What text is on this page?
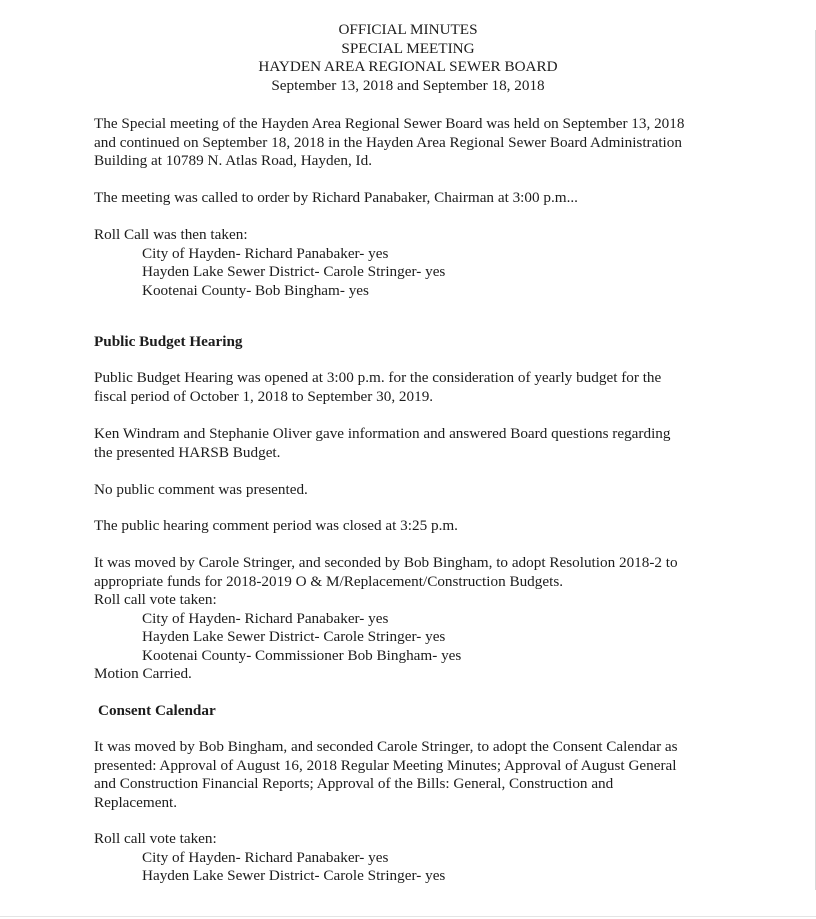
OFFICIAL MINUTES
SPECIAL MEETING
HAYDEN AREA REGIONAL SEWER BOARD
September 13, 2018 and September 18, 2018

The Special meeting of the Hayden Area Regional Sewer Board was held on September 13, 2018

and continued on September 18, 2018 in the Hayden Area Regional Sewer Board Administration

Building at 10789 N. Atlas Road, Hayden, Id.

The meeting was called to order by Richard Panabaker, Chairman at 3:00 p.m...

Roll Call was then taken:

City of Hayden- Richard Panabaker- yes

Hayden Lake Sewer District- Carole Stringer- yes

Kootenai County- Bob Bingham- yes

Public Budget Hearing

Public Budget Hearing was opened at 3:00 p.m. for the consideration of yearly budget for the

fiscal period of October 1, 2018 to September 30, 2019.

Ken Windram and Stephanie Oliver gave information and answered Board questions regarding

the presented HARSB Budget.

No public comment was presented.

The public hearing comment period was closed at 3:25 p.m.

It was moved by Carole Stringer, and seconded by Bob Bingham, to adopt Resolution 2018-2 to

appropriate funds for 2018-2019 O & M/Replacement/Construction Budgets.

Roll call vote taken:

City of Hayden- Richard Panabaker- yes

Hayden Lake Sewer District- Carole Stringer- yes

Kootenai County- Commissioner Bob Bingham- yes

Motion Carried.

Consent Calendar

It was moved by Bob Bingham, and seconded Carole Stringer, to adopt the Consent Calendar as

presented: Approval of August 16, 2018 Regular Meeting Minutes; Approval of August General

and Construction Financial Reports; Approval of the Bills: General, Construction and

Replacement.

Roll call vote taken:

City of Hayden- Richard Panabaker- yes

Hayden Lake Sewer District- Carole Stringer- yes
